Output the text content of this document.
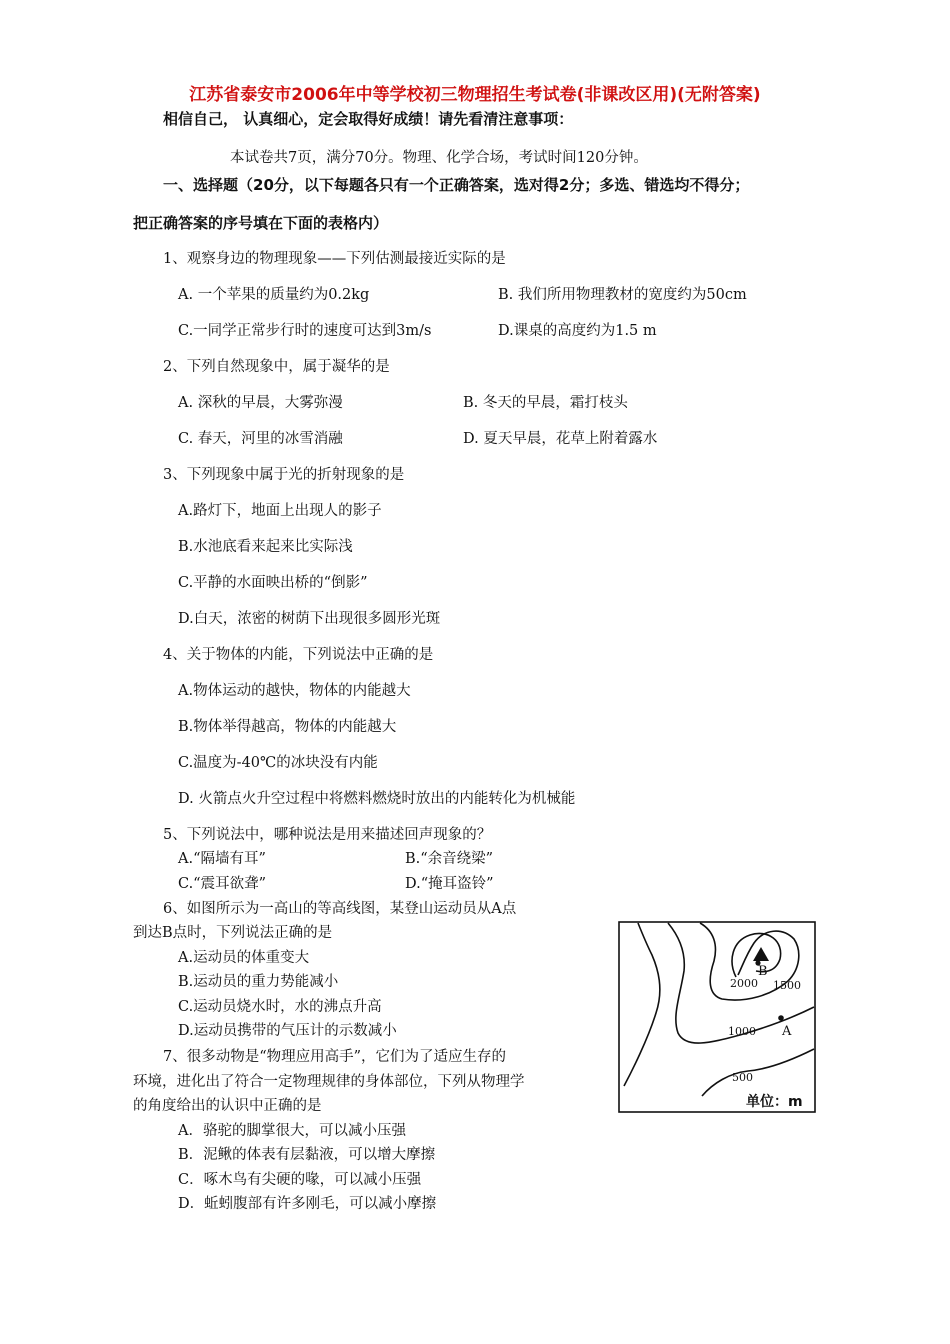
江苏省泰安市2006年中等学校初三物理招生考试卷(非课改区用)(无附答案)
相信自己， 认真细心，定会取得好成绩！请先看清注意事项：
本试卷共7页，满分70分。物理、化学合场，考试时间120分钟。
一、选择题（20分，以下每题各只有一个正确答案，选对得2分；多选、错选均不得分；
把正确答案的序号填在下面的表格内）
1、观察身边的物理现象——下列估测最接近实际的是
A. 一个苹果的质量约为0.2kg	B. 我们所用物理教材的宽度约为50cm
C.一同学正常步行时的速度可达到3m/s	D.课桌的高度约为1.5 m
2、下列自然现象中，属于凝华的是
A. 深秋的早晨，大雾弥漫	B. 冬天的早晨，霜打枝头
C. 春天，河里的冰雪消融	D. 夏天早晨，花草上附着露水
3、下列现象中属于光的折射现象的是
A.路灯下，地面上出现人的影子
B.水池底看来起来比实际浅
C.平静的水面映出桥的“倒影”
D.白天，浓密的树荫下出现很多圆形光斑
4、关于物体的内能，下列说法中正确的是
A.物体运动的越快，物体的内能越大
B.物体举得越高，物体的内能越大
C.温度为-40℃的冰块没有内能
D. 火箭点火升空过程中将燃料燃烧时放出的内能转化为机械能
5、下列说法中，哪种说法是用来描述回声现象的？
A.“隔墙有耳”	B.“余音绕梁”
C.“震耳欲聋”	D.“掩耳盗铃”
6、如图所示为一高山的等高线图，某登山运动员从A点
到达B点时，下列说法正确的是
A.运动员的体重变大
B.运动员的重力势能减小
C.运动员烧水时，水的沸点升高
D.运动员携带的气压计的示数减小
7、很多动物是“物理应用高手”，它们为了适应生存的
环境，进化出了符合一定物理规律的身体部位，下列从物理学
的角度给出的认识中正确的是
A．骆驼的脚掌很大，可以减小压强
B．泥鳅的体表有层黏液，可以增大摩擦
C．啄木鸟有尖硬的喙，可以减小压强
D．蚯蚓腹部有许多刚毛，可以减小摩擦
B
A
2000 1500
1000
500
单位：m
